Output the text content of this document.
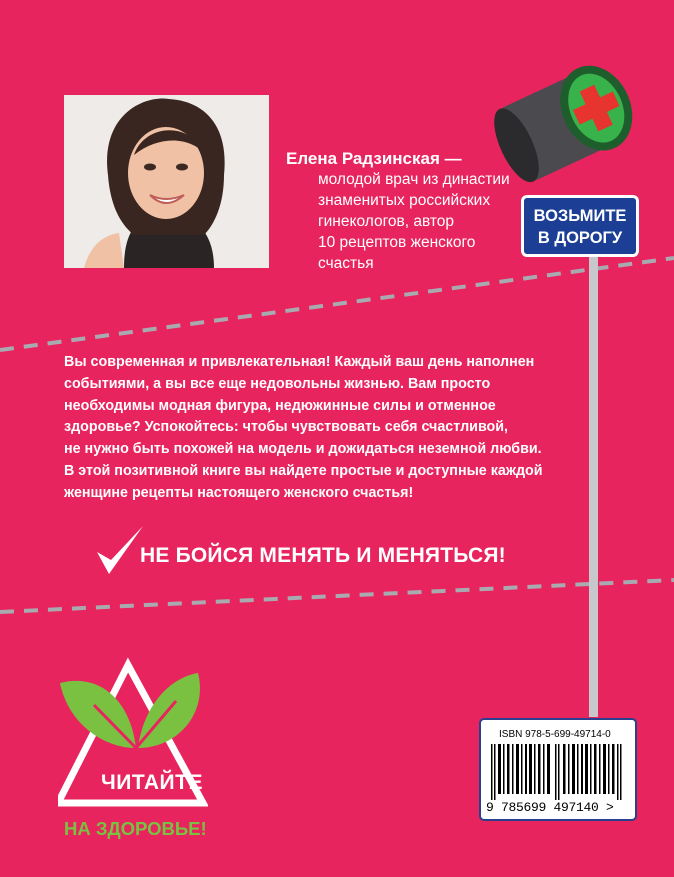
Елена Радзинская —
молодой врач из династии
знаменитых российских
гинекологов, автор
10 рецептов женского
счастья
ВОЗЬМИТЕ
В ДОРОГУ
Вы современная и привлекательная! Каждый ваш день наполнен
событиями, а вы все еще недовольны жизнью. Вам просто
необходимы модная фигура, недюжинные силы и отменное
здоровье? Успокойтесь: чтобы чувствовать себя счастливой,
не нужно быть похожей на модель и дожидаться неземной любви.
В этой позитивной книге вы найдете простые и доступные каждой
женщине рецепты настоящего женского счастья!
НЕ БОЙСЯ МЕНЯТЬ И МЕНЯТЬСЯ!
ЧИТАЙТЕ
НА ЗДОРОВЬЕ!
ISBN 978-5-699-49714-0
9 785699 497140 >
